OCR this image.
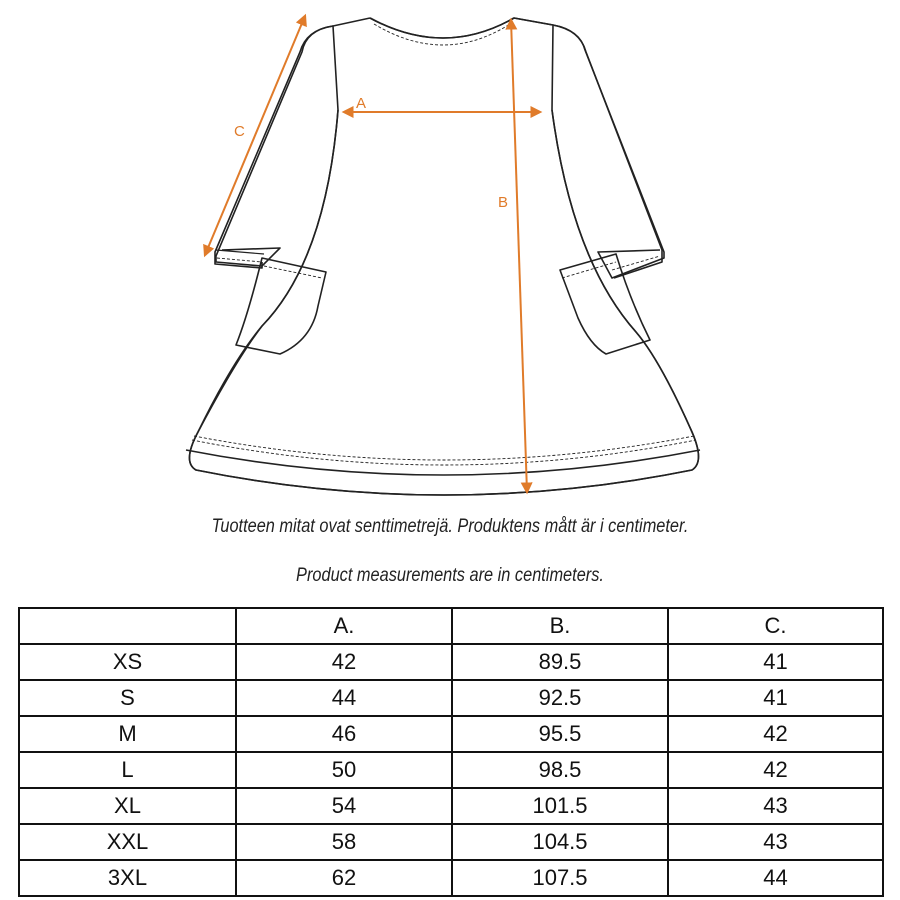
A
B
C
Tuotteen mitat ovat senttimetrejä. Produktens mått är i centimeter.
Product measurements are in centimeters.
	A.	B.	C.
XS	42	89.5	41
S	44	92.5	41
M	46	95.5	42
L	50	98.5	42
XL	54	101.5	43
XXL	58	104.5	43
3XL	62	107.5	44
